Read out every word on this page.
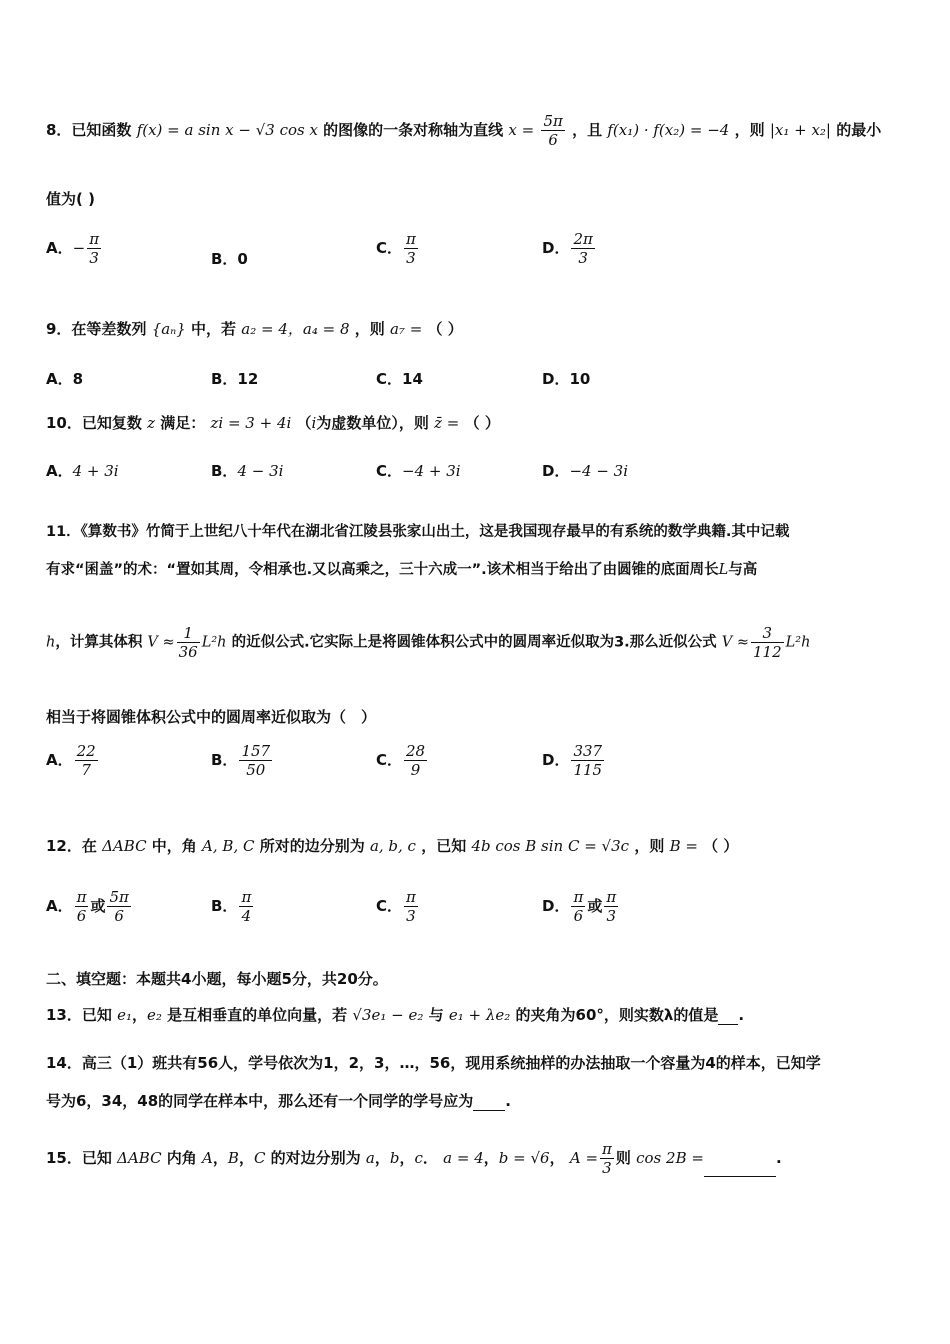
8．已知函数 f(x) = a sin x − √3 cos x 的图像的一条对称轴为直线 $x = \frac{5\pi}{6}$ ，且 f(x₁) · f(x₂) = −4 ，则 |x₁ + x₂| 的最小
值为( )
A．− $\frac{\pi}{3}$	B．0
C． $\frac{\pi}{3}$	D． $\frac{2\pi}{3}$
9．在等差数列 {aₙ} 中，若 a₂ = 4，a₄ = 8 ，则 a₇ = （ ）
A．8	B．12	C．14	D．10
10．已知复数 z 满足： zi = 3 + 4i （i为虚数单位），则 z̄ = （ ）
A．4 + 3i	B．4 − 3i	C．−4 + 3i	D．−4 − 3i
11．《算数书》竹简于上世纪八十年代在湖北省江陵县张家山出土，这是我国现存最早的有系统的数学典籍.其中记载
有求“囷盖”的术：“置如其周，令相承也.又以高乘之，三十六成一”.该术相当于给出了由圆锥的底面周长L与高
h，计算其体积 $V \approx \frac{1}{36} L^2h$ 的近似公式.它实际上是将圆锥体积公式中的圆周率近似取为3.那么近似公式 $V \approx \frac{3}{112} L^2h$
相当于将圆锥体积公式中的圆周率近似取为（　）
A． $\frac{22}{7}$	B． $\frac{157}{50}$	C． $\frac{28}{9}$	D． $\frac{337}{115}$
12．在 ΔABC 中，角 A, B, C 所对的边分别为 a, b, c ，已知 4b cos B sin C = √3c ，则 B = （ ）
A． $\frac{\pi}{6}$ 或 $\frac{5\pi}{6}$	B． $\frac{\pi}{4}$	C． $\frac{\pi}{3}$	D． $\frac{\pi}{6}$ 或 $\frac{\pi}{3}$
二、填空题：本题共4小题，每小题5分，共20分。
13．已知 e₁，e₂ 是互相垂直的单位向量，若 √3e₁ − e₂ 与 e₁ + λe₂ 的夹角为60°，则实数λ的值是 .
14．高三（1）班共有56人，学号依次为1，2，3，…，56，现用系统抽样的办法抽取一个容量为4的样本，已知学
号为6，34，48的同学在样本中，那么还有一个同学的学号应为 .
15．已知 ΔABC 内角 A，B，C 的对边分别为 a，b，c． a = 4，b = √6， $A = \frac{\pi}{3}$ 则 cos 2B =	.
